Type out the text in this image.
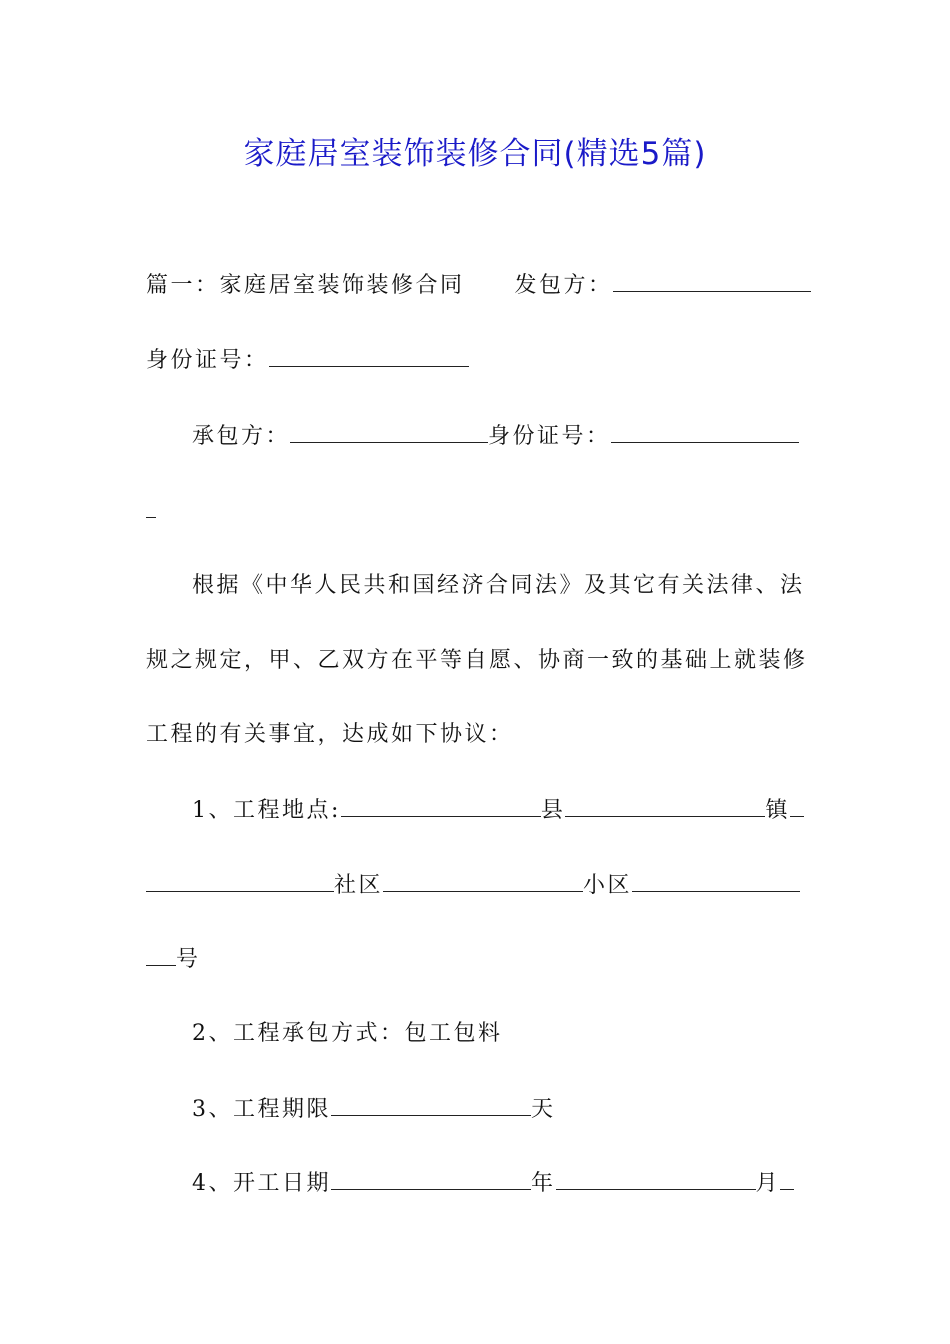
家庭居室装饰装修合同(精选5篇)
篇一：家庭居室装饰装修合同 发包方：
身份证号：
承包方：	身份证号：
根据《中华人民共和国经济合同法》及其它有关法律、法
规之规定，甲、乙双方在平等自愿、协商一致的基础上就装修
工程的有关事宜，达成如下协议：
1、工程地点:	县	镇
社区	小区
号
2、工程承包方式：包工包料
3、工程期限	天
4、开工日期	年	月
